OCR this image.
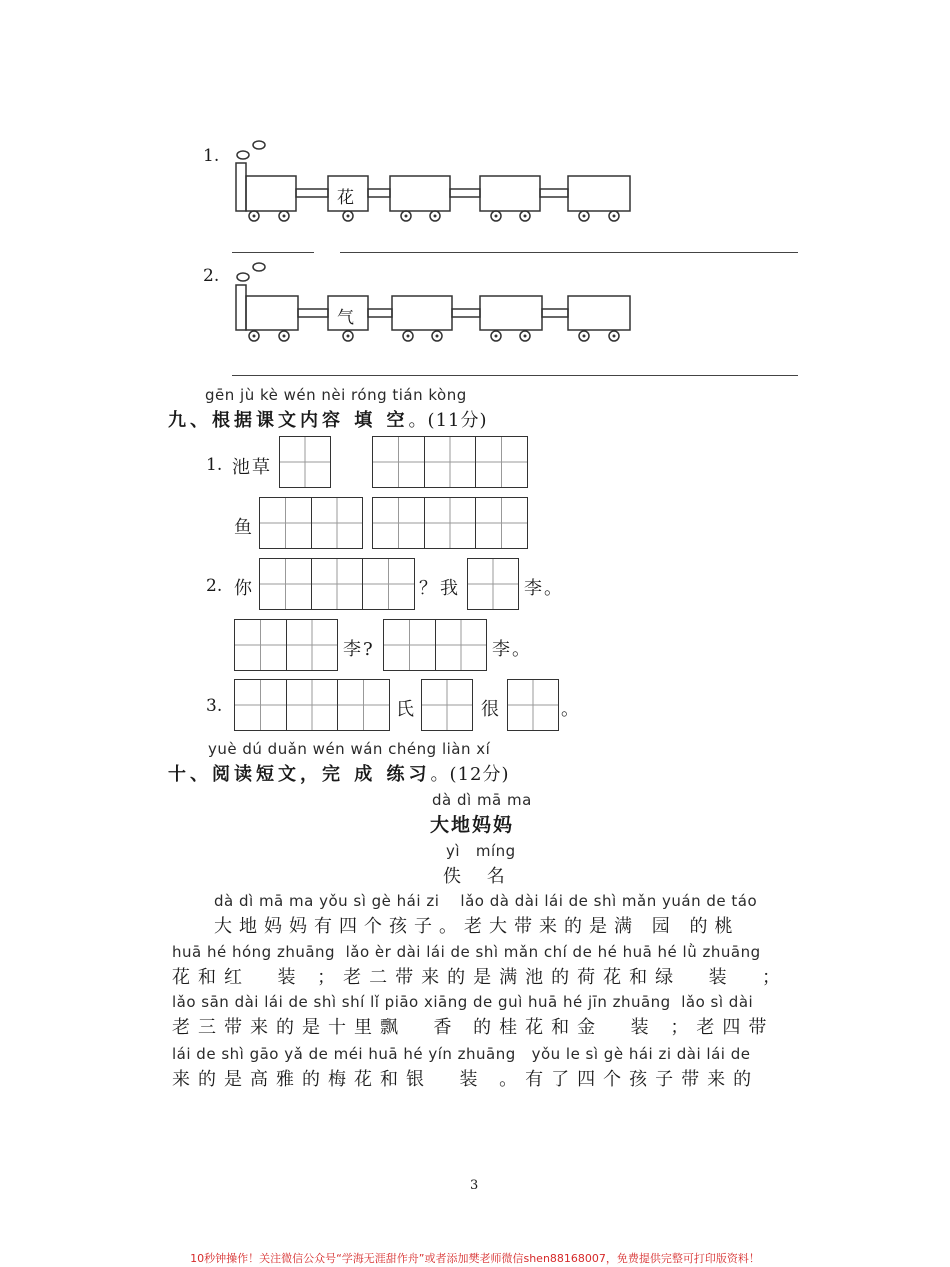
1.
花
2.
气
gēn jù kè wén nèi róng tián kòng
九、根据课文内容 填 空。(11分)
1. 池草
鱼
2. 你	？我	李。
李?	李。
3.	氏	很	。
yuè dú duǎn wén wán chéng liàn xí
十、阅读短文，完 成 练习。(12分)
dà dì mā ma
大地妈妈
yì   míng
佚 名
dà dì mā ma yǒu sì gè hái zi    lǎo dà dài lái de shì mǎn yuán de táo
大地妈妈有四个孩子。老大带来的是满 园 的桃
huā hé hóng zhuāng  lǎo èr dài lái de shì mǎn chí de hé huā hé lǜ zhuāng
花和红  装 ；老二带来的是满池的荷花和绿  装  ；
lǎo sān dài lái de shì shí lǐ piāo xiāng de guì huā hé jīn zhuāng  lǎo sì dài
老三带来的是十里飘  香 的桂花和金  装 ；老四带
lái de shì gāo yǎ de méi huā hé yín zhuāng   yǒu le sì gè hái zi dài lái de
来的是高雅的梅花和银  装 。有了四个孩子带来的
3
10秒钟操作！关注微信公众号“学海无涯甜作舟”或者添加樊老师微信shen88168007，免费提供完整可打印版资料！
